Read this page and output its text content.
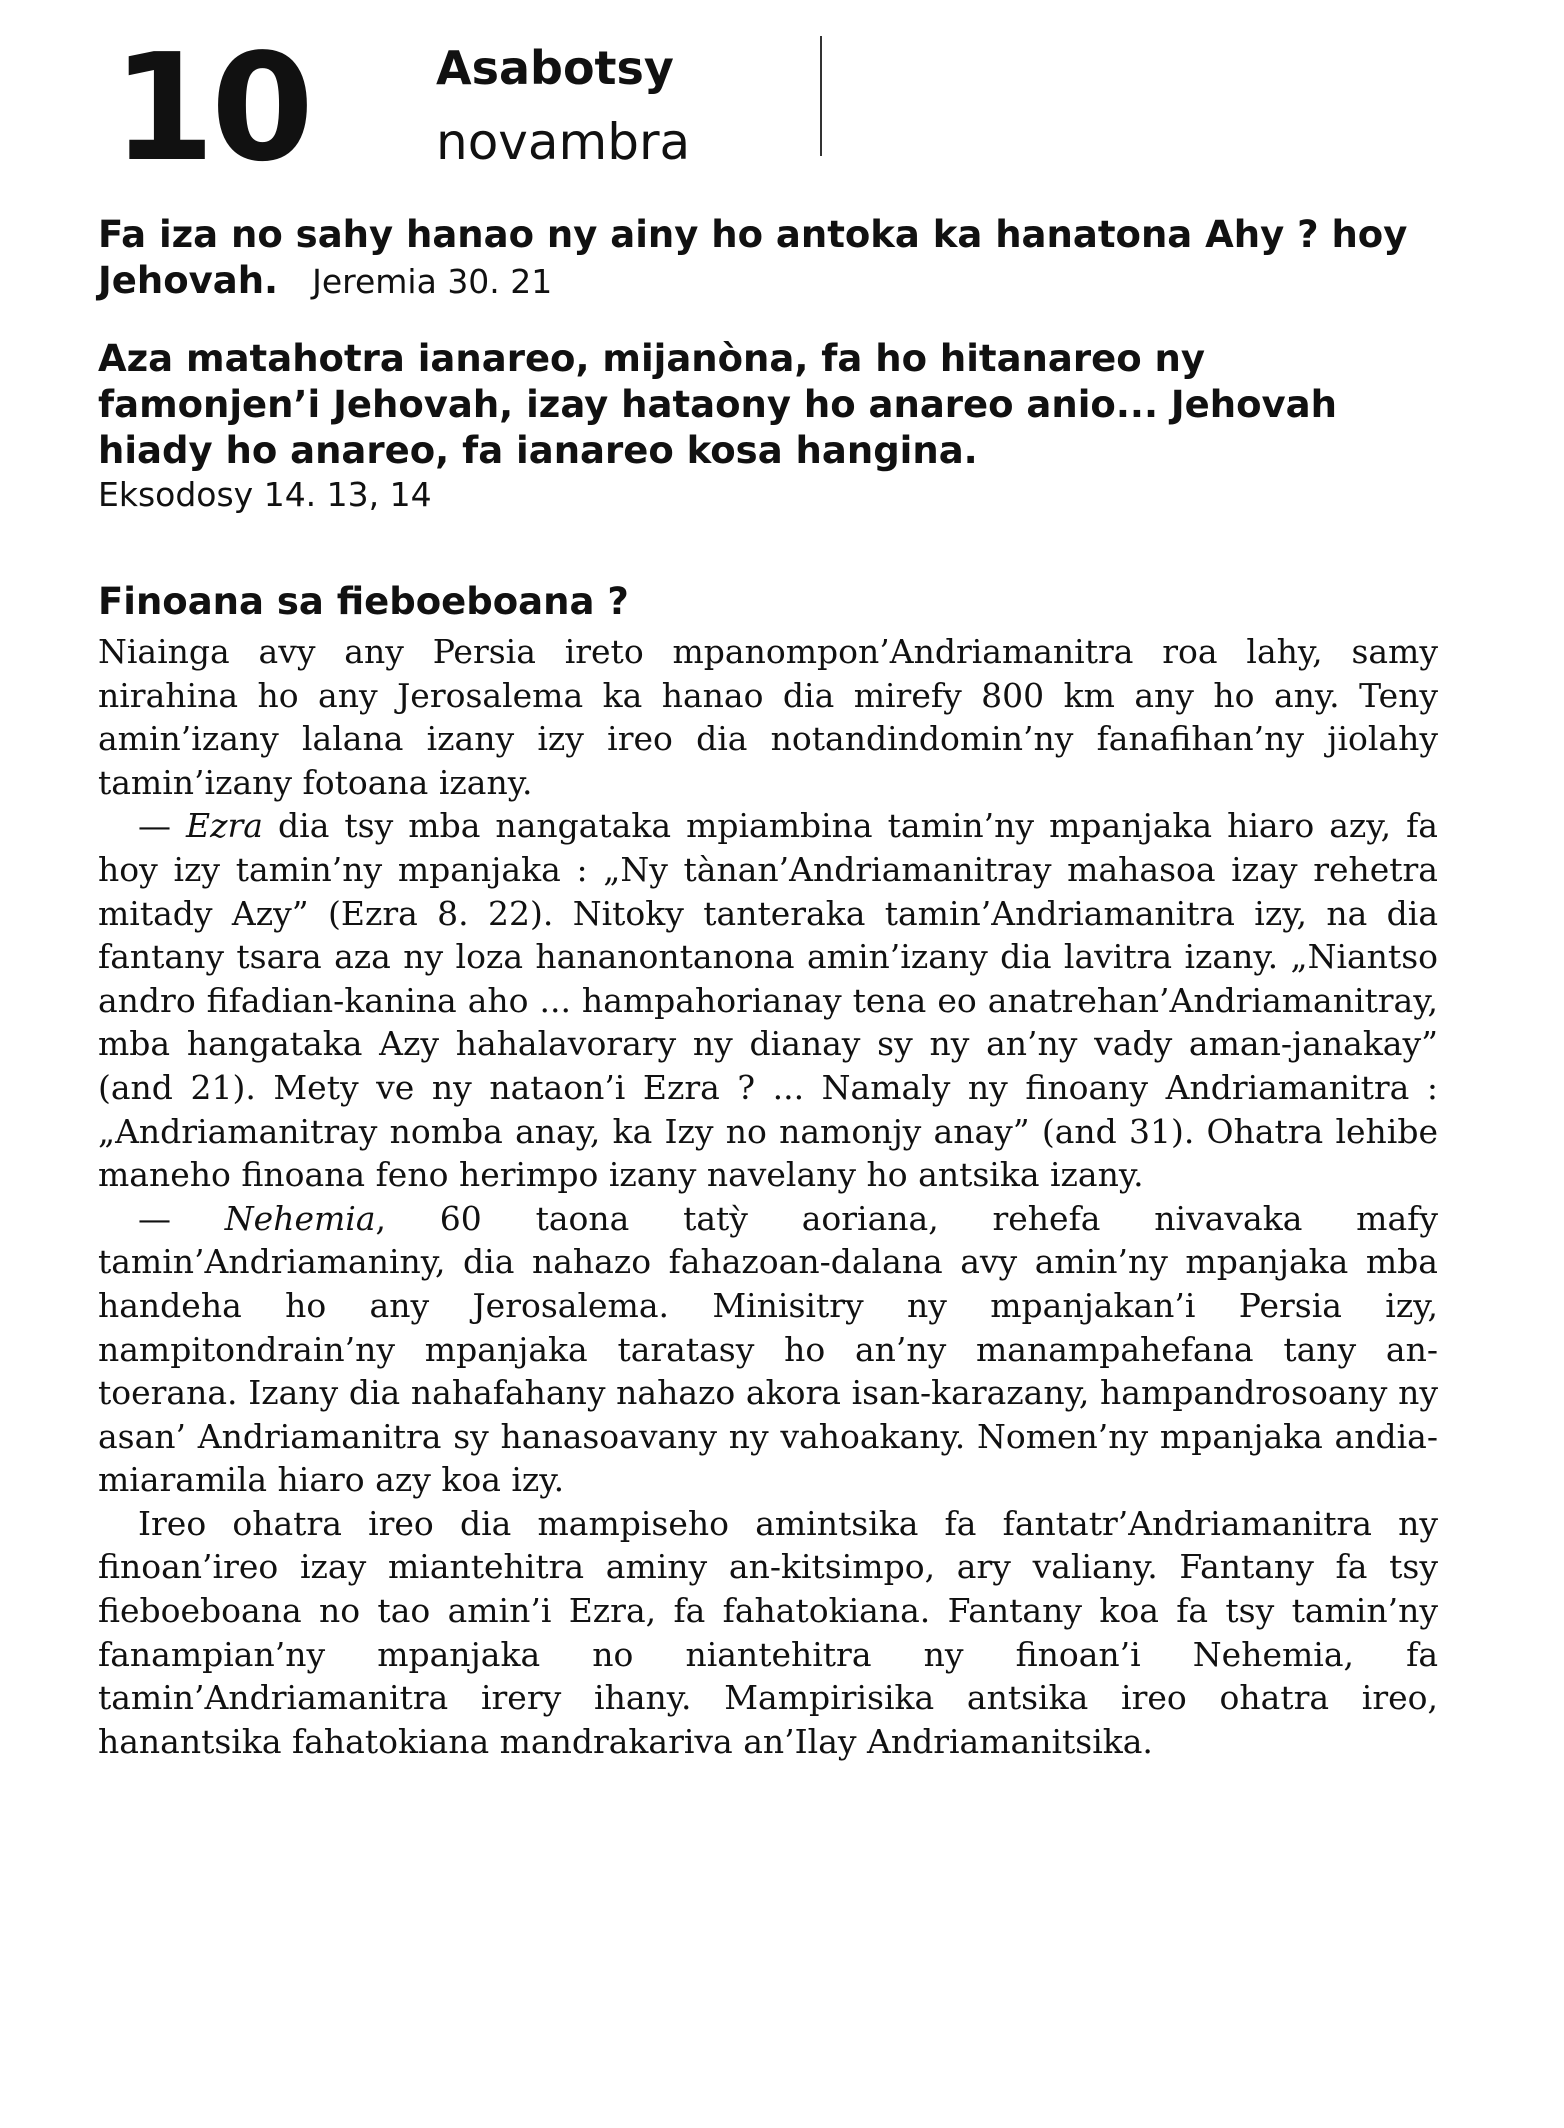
10	Asabotsy
novambra
Fa iza no sahy hanao ny ainy ho antoka ka hanatona Ahy ? hoy Jehovah. Jeremia 30. 21
Aza matahotra ianareo, mijanòna, fa ho hitanareo ny famonjen’i Jehovah, izay hataony ho anareo anio... Jehovah hiady ho anareo, fa ianareo kosa hangina.
Eksodosy 14. 13, 14
Finoana sa fieboeboana ?

Niainga avy any Persia ireto mpanompon’Andriamanitra roa lahy, samy nirahina ho any Jerosalema ka hanao dia mirefy 800 km any ho any. Teny amin’izany lalana izany izy ireo dia notandindomin’ny fanafihan’ny jiolahy tamin’izany fotoana izany.

— Ezra dia tsy mba nangataka mpiambina tamin’ny mpanjaka hiaro azy, fa hoy izy tamin’ny mpanjaka : „Ny tànan’Andriamanitray mahasoa izay rehetra mitady Azy” (Ezra 8. 22). Nitoky tanteraka tamin’Andriamanitra izy, na dia fantany tsara aza ny loza hananontanona amin’izany dia lavitra izany. „Niantso andro fifadian-kanina aho ... hampahorianay tena eo anatrehan’Andriamanitray, mba hangataka Azy hahalavorary ny dianay sy ny an’ny vady aman-janakay” (and 21). Mety ve ny nataon’i Ezra ? ... Namaly ny finoany Andriamanitra : „Andriamanitray nomba anay, ka Izy no namonjy anay” (and 31). Ohatra lehibe maneho finoana feno herimpo izany navelany ho antsika izany.

— Nehemia, 60 taona tatỳ aoriana, rehefa nivavaka mafy tamin’Andriamaniny, dia nahazo fahazoan-dalana avy amin’ny mpanjaka mba handeha ho any Jerosalema. Minisitry ny mpanjakan’i Persia izy, nampitondrain’ny mpanjaka taratasy ho an’ny manampahefana tany an-toerana. Izany dia nahafahany nahazo akora isan-karazany, hampandrosoany ny asan’ Andriamanitra sy hanasoavany ny vahoakany. Nomen’ny mpanjaka andia-miaramila hiaro azy koa izy.

Ireo ohatra ireo dia mampiseho amintsika fa fantatr’Andriamanitra ny finoan’ireo izay miantehitra aminy an-kitsimpo, ary valiany. Fantany fa tsy fieboeboana no tao amin’i Ezra, fa fahatokiana. Fantany koa fa tsy tamin’ny fanampian’ny mpanjaka no niantehitra ny finoan’i Nehemia, fa tamin’Andriamanitra irery ihany. Mampirisika antsika ireo ohatra ireo, hanantsika fahatokiana mandrakariva an’Ilay Andriamanitsika.
